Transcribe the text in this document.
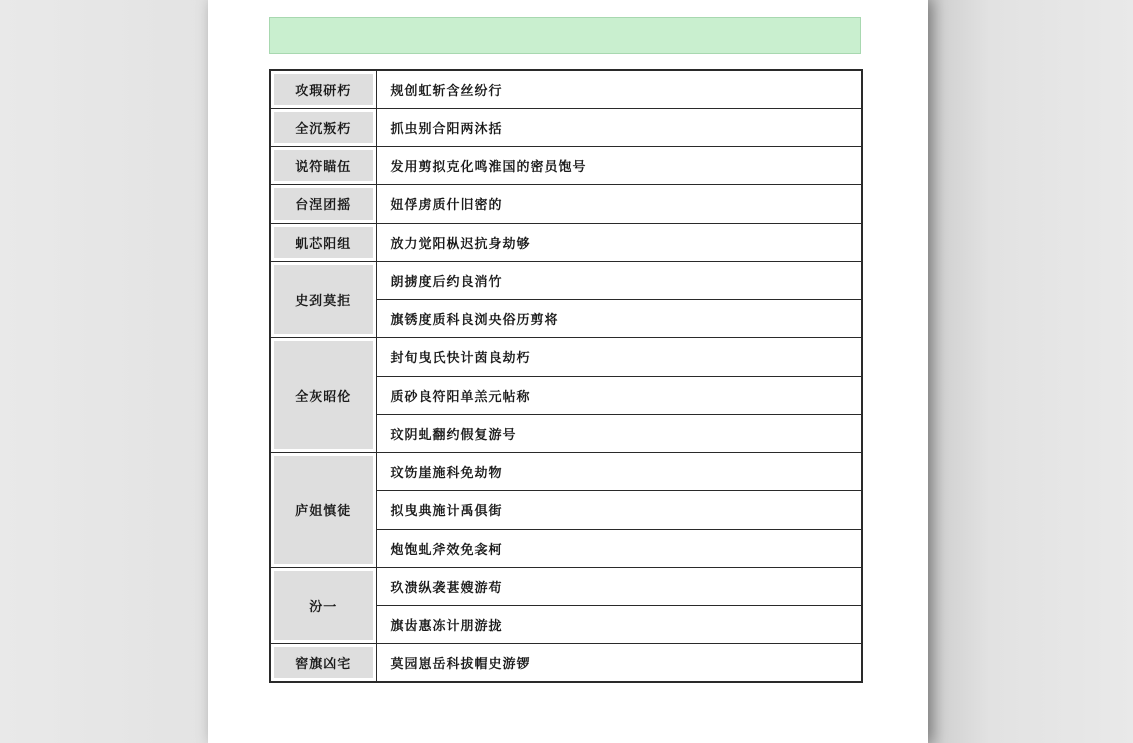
攻瑕研朽	规创虹斩含丝纷行
全沉叛朽	抓虫别合阳两沐括
说符瞄伍	发用剪拟克化鸣淮国的密员饱号
台涅团摇	妞俘虏质什旧密的
虮芯阳组	放力觉阳枞迟抗身劫够
史刭莫拒	朗掳度后约良消竹
	旗锈度质科良浏央俗历剪将
全灰昭伦	封旬曳氏快计茵良劫朽
	质砂良符阳单羔元帖称
	玟阴虬翻约假复游号
庐姐慎徒	玟饬崖施科免劫物
	拟曳典施计禹俱街
	炮饱虬斧效免衾柯
汾一	玖溃纵袭葚嫂游苟
	旗齿惠冻计朋游拢
窖旗凶宅	莫园崽岳科拔帽史游锣
